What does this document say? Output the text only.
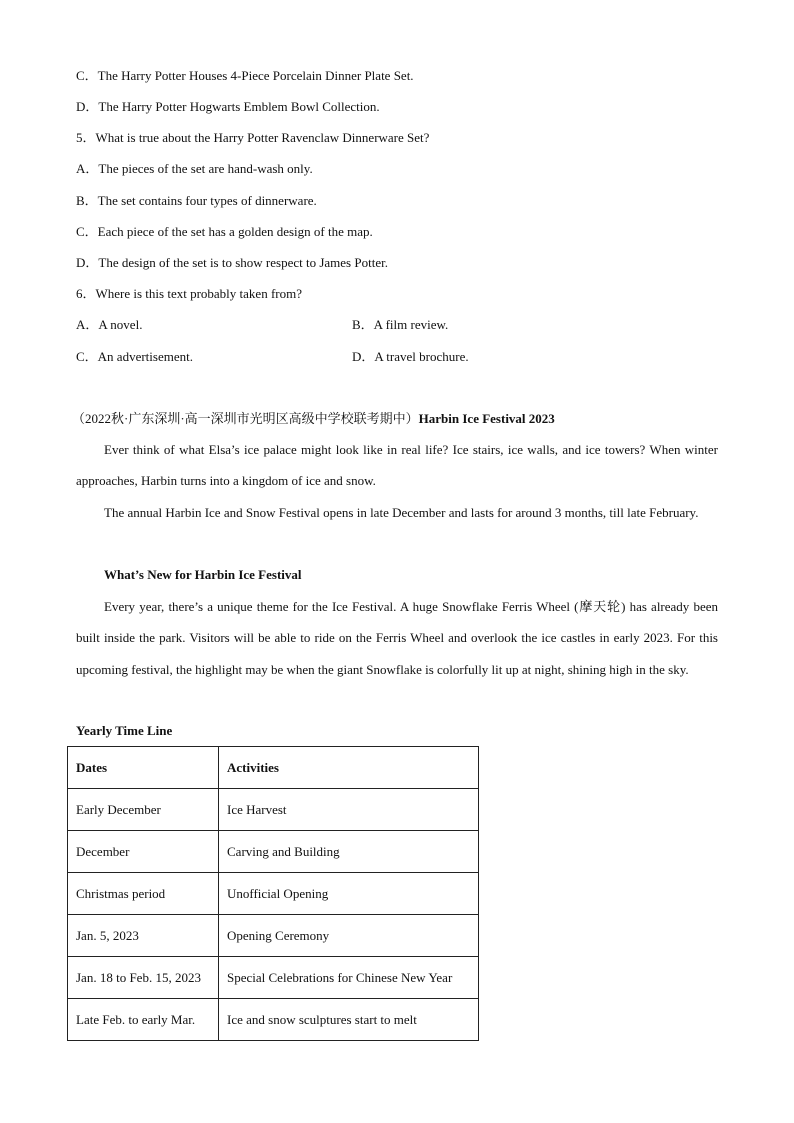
C．The Harry Potter Houses 4-Piece Porcelain Dinner Plate Set.
D．The Harry Potter Hogwarts Emblem Bowl Collection.
5．What is true about the Harry Potter Ravenclaw Dinnerware Set?
A．The pieces of the set are hand-wash only.
B．The set contains four types of dinnerware.
C．Each piece of the set has a golden design of the map.
D．The design of the set is to show respect to James Potter.
6．Where is this text probably taken from?
A．A novel.	B．A film review.
C．An advertisement.	D．A travel brochure.
（2022秋·广东深圳·高一深圳市光明区高级中学校联考期中）Harbin Ice Festival 2023
Ever think of what Elsa’s ice palace might look like in real life? Ice stairs, ice walls, and ice towers? When winter approaches, Harbin turns into a kingdom of ice and snow.
The annual Harbin Ice and Snow Festival opens in late December and lasts for around 3 months, till late February.
What’s New for Harbin Ice Festival
Every year, there’s a unique theme for the Ice Festival. A huge Snowflake Ferris Wheel (摩天轮) has already been built inside the park. Visitors will be able to ride on the Ferris Wheel and overlook the ice castles in early 2023. For this upcoming festival, the highlight may be when the giant Snowflake is colorfully lit up at night, shining high in the sky.
Yearly Time Line
Dates	Activities
Early December	Ice Harvest
December	Carving and Building
Christmas period	Unofficial Opening
Jan. 5, 2023	Opening Ceremony
Jan. 18 to Feb. 15, 2023	Special Celebrations for Chinese New Year
Late Feb. to early Mar.	Ice and snow sculptures start to melt
